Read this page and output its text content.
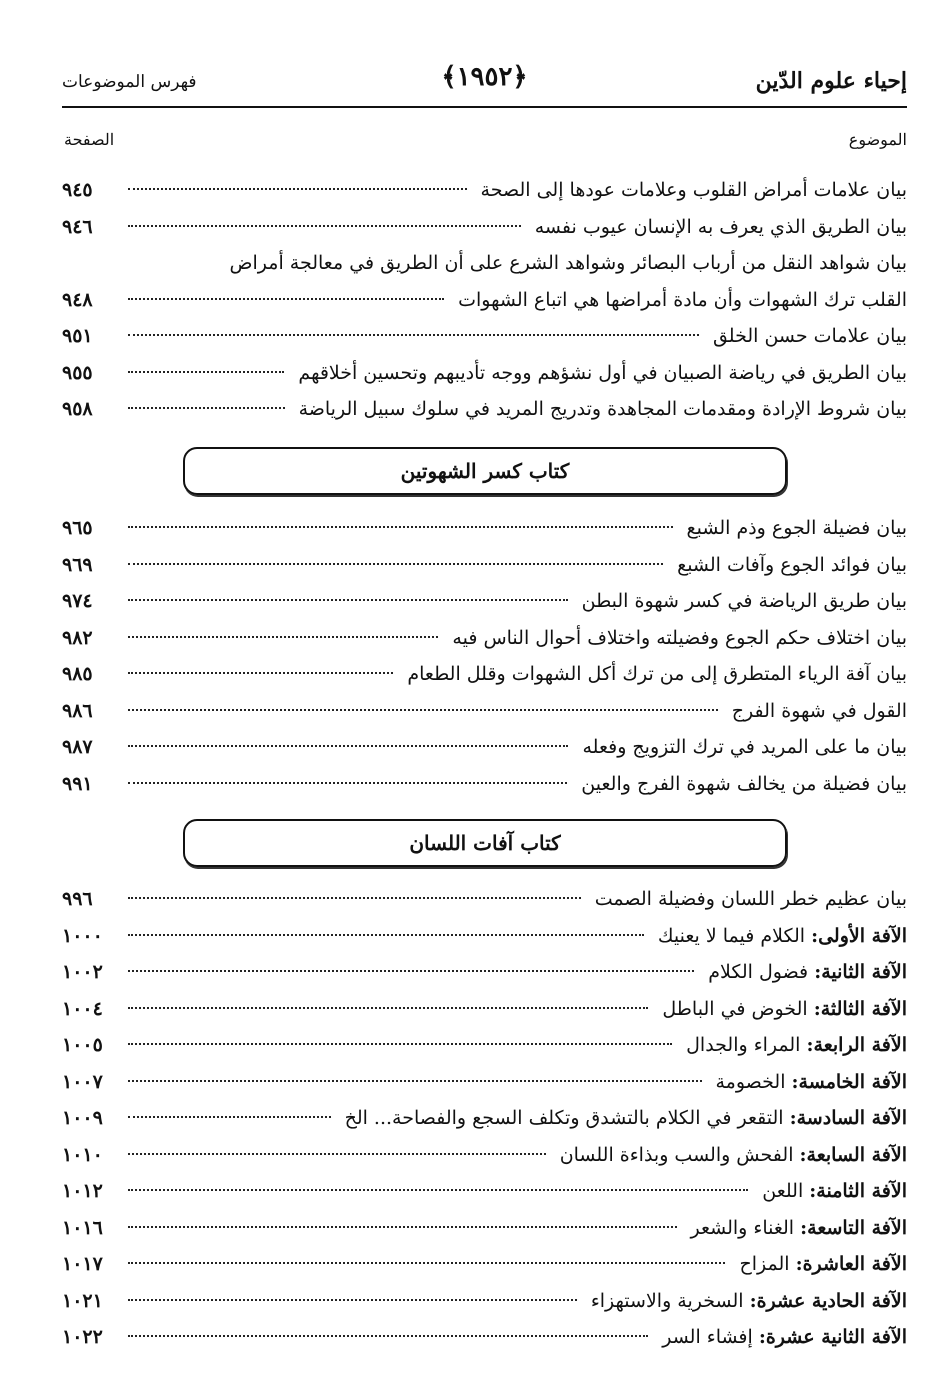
إحياء علوم الدّين
﴿١٩٥٢﴾
فهرس الموضوعات
الموضوع
الصفحة
بيان علامات أمراض القلوب وعلامات عودها إلى الصحة
٩٤٥
بيان الطريق الذي يعرف به الإنسان عيوب نفسه
٩٤٦
بيان شواهد النقل من أرباب البصائر وشواهد الشرع على أن الطريق في معالجة أمراض
القلب ترك الشهوات وأن مادة أمراضها هي اتباع الشهوات
٩٤٨
بيان علامات حسن الخلق
٩٥١
بيان الطريق في رياضة الصبيان في أول نشؤهم ووجه تأديبهم وتحسين أخلاقهم
٩٥٥
بيان شروط الإرادة ومقدمات المجاهدة وتدريج المريد في سلوك سبيل الرياضة
٩٥٨
كتاب كسر الشهوتين
بيان فضيلة الجوع وذم الشبع
٩٦٥
بيان فوائد الجوع وآفات الشبع
٩٦٩
بيان طريق الرياضة في كسر شهوة البطن
٩٧٤
بيان اختلاف حكم الجوع وفضيلته واختلاف أحوال الناس فيه
٩٨٢
بيان آفة الرياء المتطرق إلى من ترك أكل الشهوات وقلل الطعام
٩٨٥
القول في شهوة الفرج
٩٨٦
بيان ما على المريد في ترك التزويج وفعله
٩٨٧
بيان فضيلة من يخالف شهوة الفرج والعين
٩٩١
كتاب آفات اللسان
بيان عظيم خطر اللسان وفضيلة الصمت
٩٩٦
الآفة الأولى: الكلام فيما لا يعنيك
١٠٠٠
الآفة الثانية: فضول الكلام
١٠٠٢
الآفة الثالثة: الخوض في الباطل
١٠٠٤
الآفة الرابعة: المراء والجدال
١٠٠٥
الآفة الخامسة: الخصومة
١٠٠٧
الآفة السادسة: التقعر في الكلام بالتشدق وتكلف السجع والفصاحة... الخ
١٠٠٩
الآفة السابعة: الفحش والسب وبذاءة اللسان
١٠١٠
الآفة الثامنة: اللعن
١٠١٢
الآفة التاسعة: الغناء والشعر
١٠١٦
الآفة العاشرة: المزاح
١٠١٧
الآفة الحادية عشرة: السخرية والاستهزاء
١٠٢١
الآفة الثانية عشرة: إفشاء السر
١٠٢٢
